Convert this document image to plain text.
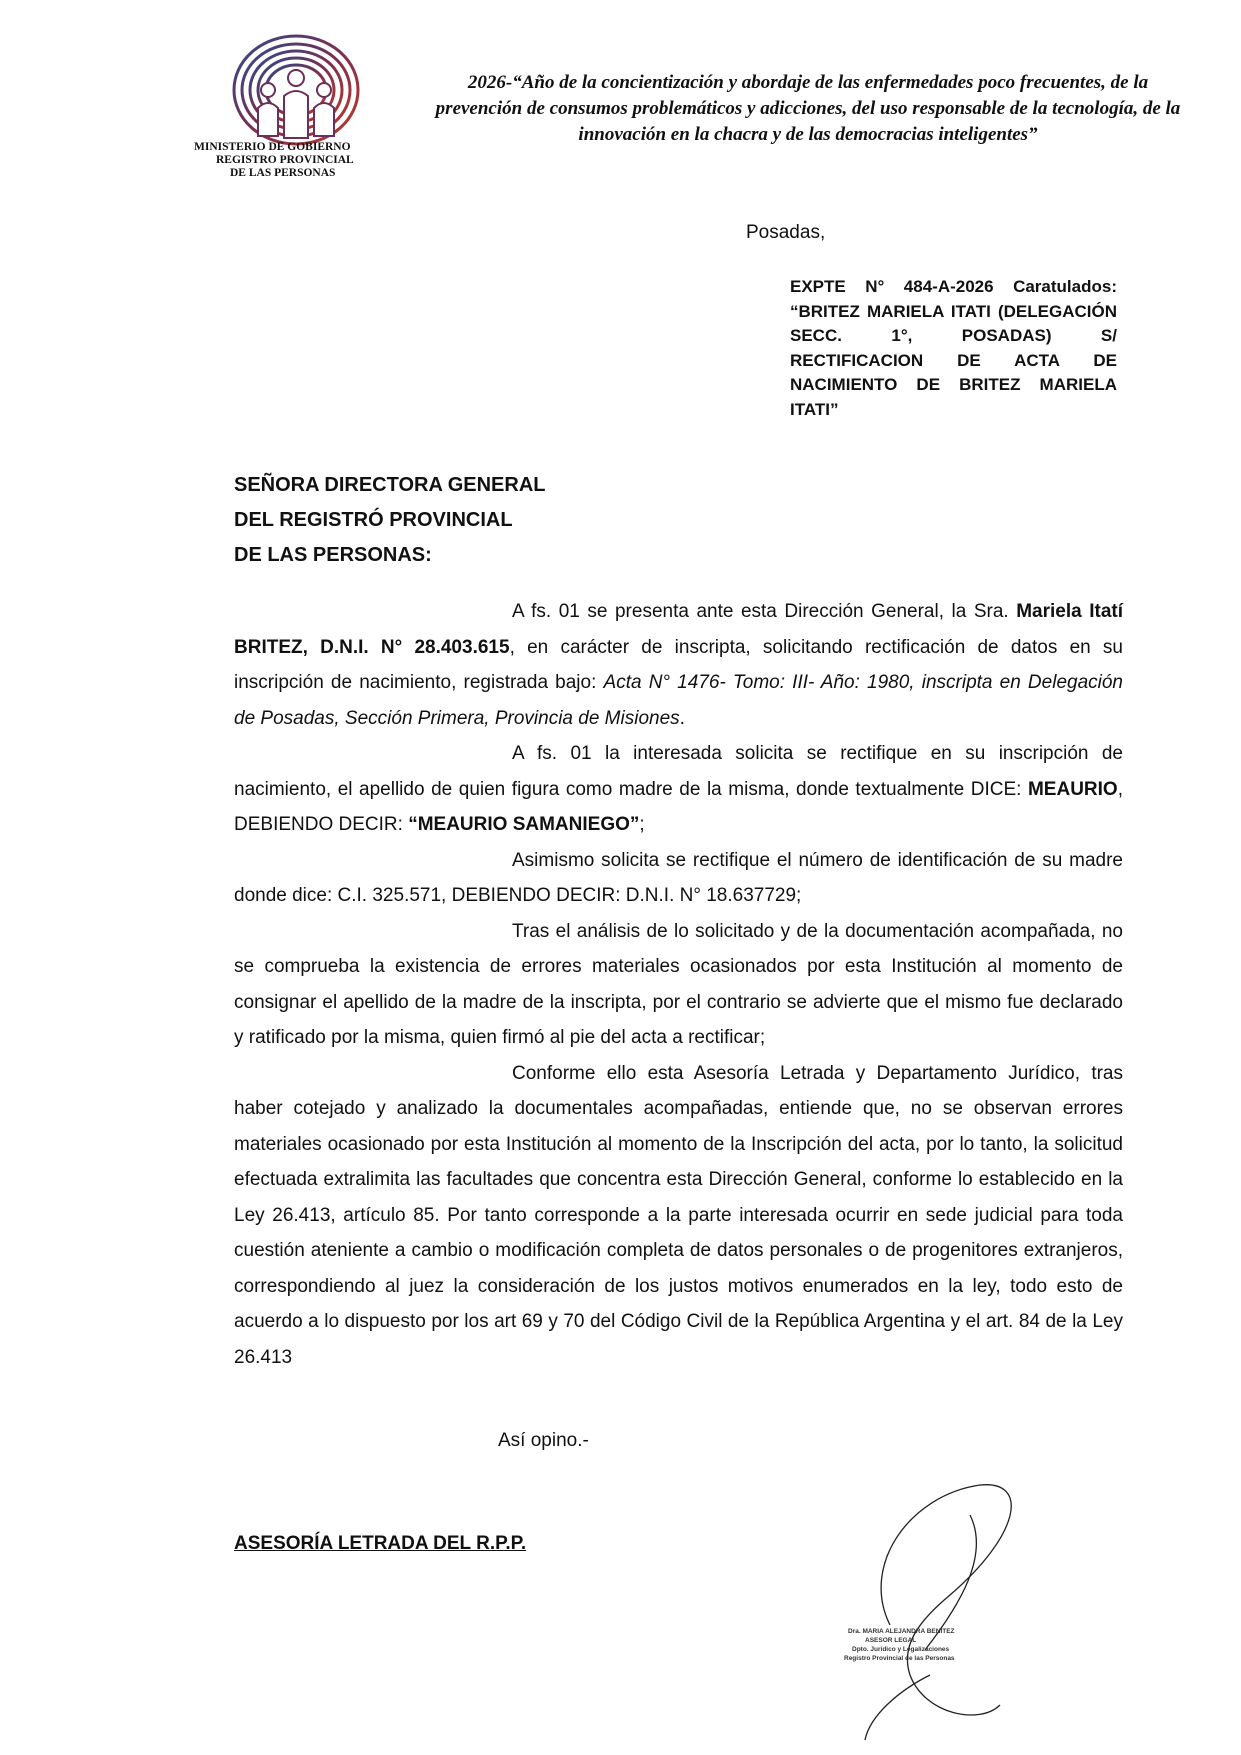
MINISTERIO DE GOBIERNO
REGISTRO PROVINCIAL
DE LAS PERSONAS
2026-“Año de la concientización y abordaje de las enfermedades poco frecuentes, de la prevención de consumos problemáticos y adicciones, del uso responsable de la tecnología, de la innovación en la chacra y de las democracias inteligentes”
Posadas,
EXPTE N° 484-A-2026 Caratulados: “BRITEZ MARIELA ITATI (DELEGACIÓN SECC. 1°, POSADAS) S/ RECTIFICACION DE ACTA DE NACIMIENTO DE BRITEZ MARIELA ITATI”
SEÑORA DIRECTORA GENERAL
DEL REGISTRÓ PROVINCIAL
DE LAS PERSONAS:

A fs. 01 se presenta ante esta Dirección General, la Sra. Mariela Itatí BRITEZ, D.N.I. N° 28.403.615, en carácter de inscripta, solicitando rectificación de datos en su inscripción de nacimiento, registrada bajo: Acta N° 1476- Tomo: III- Año: 1980, inscripta en Delegación de Posadas, Sección Primera, Provincia de Misiones.

A fs. 01 la interesada solicita se rectifique en su inscripción de nacimiento, el apellido de quien figura como madre de la misma, donde textualmente DICE: MEAURIO, DEBIENDO DECIR: “MEAURIO SAMANIEGO”;

Asimismo solicita se rectifique el número de identificación de su madre donde dice: C.I. 325.571, DEBIENDO DECIR: D.N.I. N° 18.637729;

Tras el análisis de lo solicitado y de la documentación acompañada, no se comprueba la existencia de errores materiales ocasionados por esta Institución al momento de consignar el apellido de la madre de la inscripta, por el contrario se advierte que el mismo fue declarado y ratificado por la misma, quien firmó al pie del acta a rectificar;

Conforme ello esta Asesoría Letrada y Departamento Jurídico, tras haber cotejado y analizado la documentales acompañadas, entiende que, no se observan errores materiales ocasionado por esta Institución al momento de la Inscripción del acta, por lo tanto, la solicitud efectuada extralimita las facultades que concentra esta Dirección General, conforme lo establecido en la Ley 26.413, artículo 85. Por tanto corresponde a la parte interesada ocurrir en sede judicial para toda cuestión ateniente a cambio o modificación completa de datos personales o de progenitores extranjeros, correspondiendo al juez la consideración de los justos motivos enumerados en la ley, todo esto de acuerdo a lo dispuesto por los art 69 y 70 del Código Civil de la República Argentina y el art. 84 de la Ley 26.413

Así opino.-
ASESORÍA LETRADA DEL R.P.P.
Dra. MARIA ALEJANDRA BENITEZ
ASESOR LEGAL
Dpto. Jurídico y Legalizaciones
Registro Provincial de las Personas
